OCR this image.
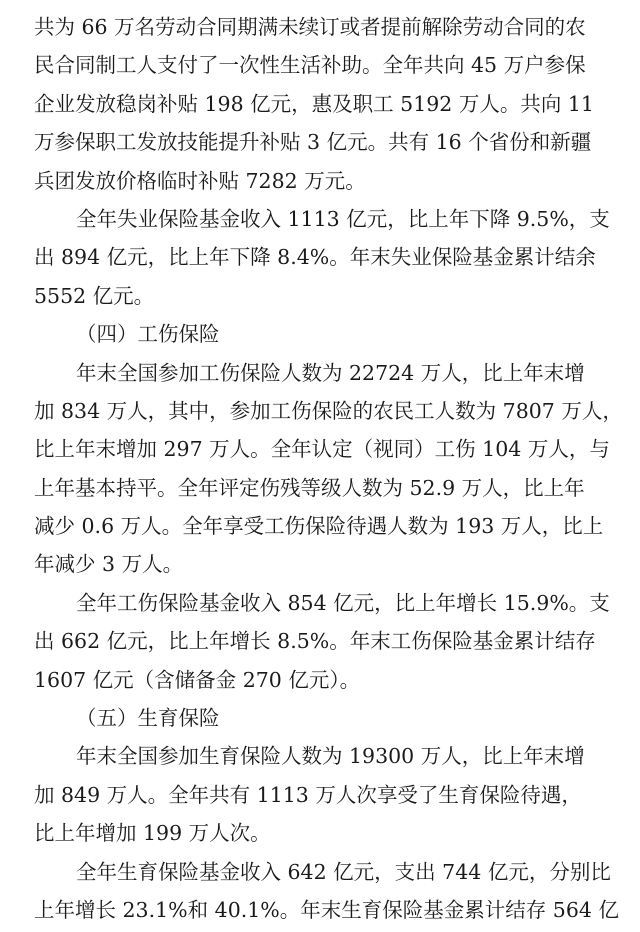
共为 66 万名劳动合同期满未续订或者提前解除劳动合同的农
民合同制工人支付了一次性生活补助。全年共向 45 万户参保
企业发放稳岗补贴 198 亿元，惠及职工 5192 万人。共向 11
万参保职工发放技能提升补贴 3 亿元。共有 16 个省份和新疆
兵团发放价格临时补贴 7282 万元。
全年失业保险基金收入 1113 亿元，比上年下降 9.5%，支
出 894 亿元，比上年下降 8.4%。年末失业保险基金累计结余
5552 亿元。
（四）工伤保险
年末全国参加工伤保险人数为 22724 万人，比上年末增
加 834 万人，其中，参加工伤保险的农民工人数为 7807 万人，
比上年末增加 297 万人。全年认定（视同）工伤 104 万人，与
上年基本持平。全年评定伤残等级人数为 52.9 万人，比上年
减少 0.6 万人。全年享受工伤保险待遇人数为 193 万人，比上
年减少 3 万人。
全年工伤保险基金收入 854 亿元，比上年增长 15.9%。支
出 662 亿元，比上年增长 8.5%。年末工伤保险基金累计结存
1607 亿元（含储备金 270 亿元）。
（五）生育保险
年末全国参加生育保险人数为 19300 万人，比上年末增
加 849 万人。全年共有 1113 万人次享受了生育保险待遇，
比上年增加 199 万人次。
全年生育保险基金收入 642 亿元，支出 744 亿元，分别比
上年增长 23.1%和 40.1%。年末生育保险基金累计结存 564 亿
